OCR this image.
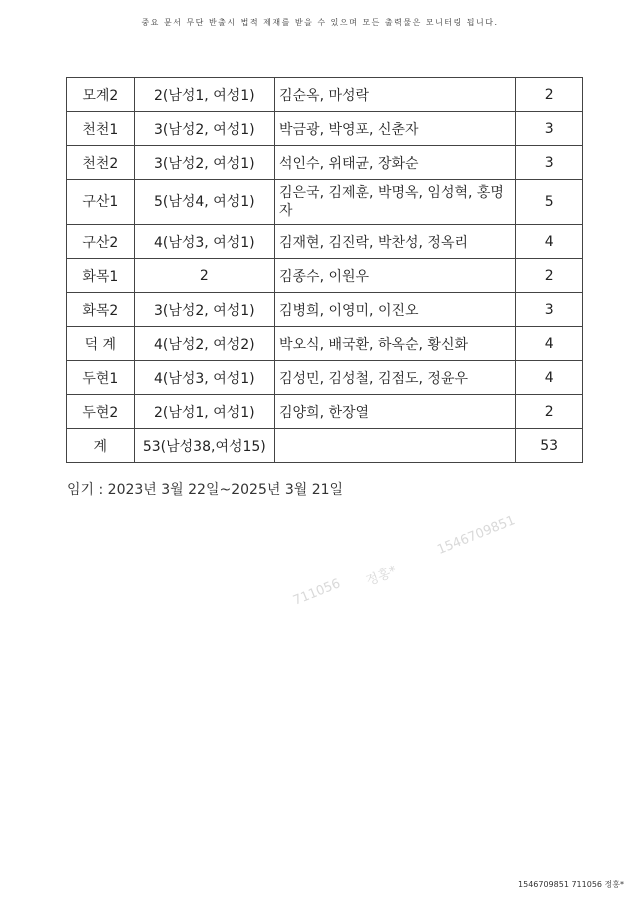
중요 문서 무단 반출시 법적 제재를 받을 수 있으며 모든 출력물은 모니터링 됩니다.
모계2	2(남성1, 여성1)	김순옥, 마성락	2
천천1	3(남성2, 여성1)	박금광, 박영포, 신춘자	3
천천2	3(남성2, 여성1)	석인수, 위태균, 장화순	3
구산1	5(남성4, 여성1)	김은국, 김제훈, 박명옥, 임성혁, 홍명자	5
구산2	4(남성3, 여성1)	김재현, 김진락, 박찬성, 정옥리	4
화목1	2	김종수, 이원우	2
화목2	3(남성2, 여성1)	김병희, 이영미, 이진오	3
덕 계	4(남성2, 여성2)	박오식, 배국환, 하옥순, 황신화	4
두현1	4(남성3, 여성1)	김성민, 김성철, 김점도, 정윤우	4
두현2	2(남성1, 여성1)	김양희, 한장열	2
계	53(남성38,여성15)		53
임기 : 2023년 3월 22일~2025년 3월 21일
1546709851
711056 정홍*
1546709851 711056 정홍*
